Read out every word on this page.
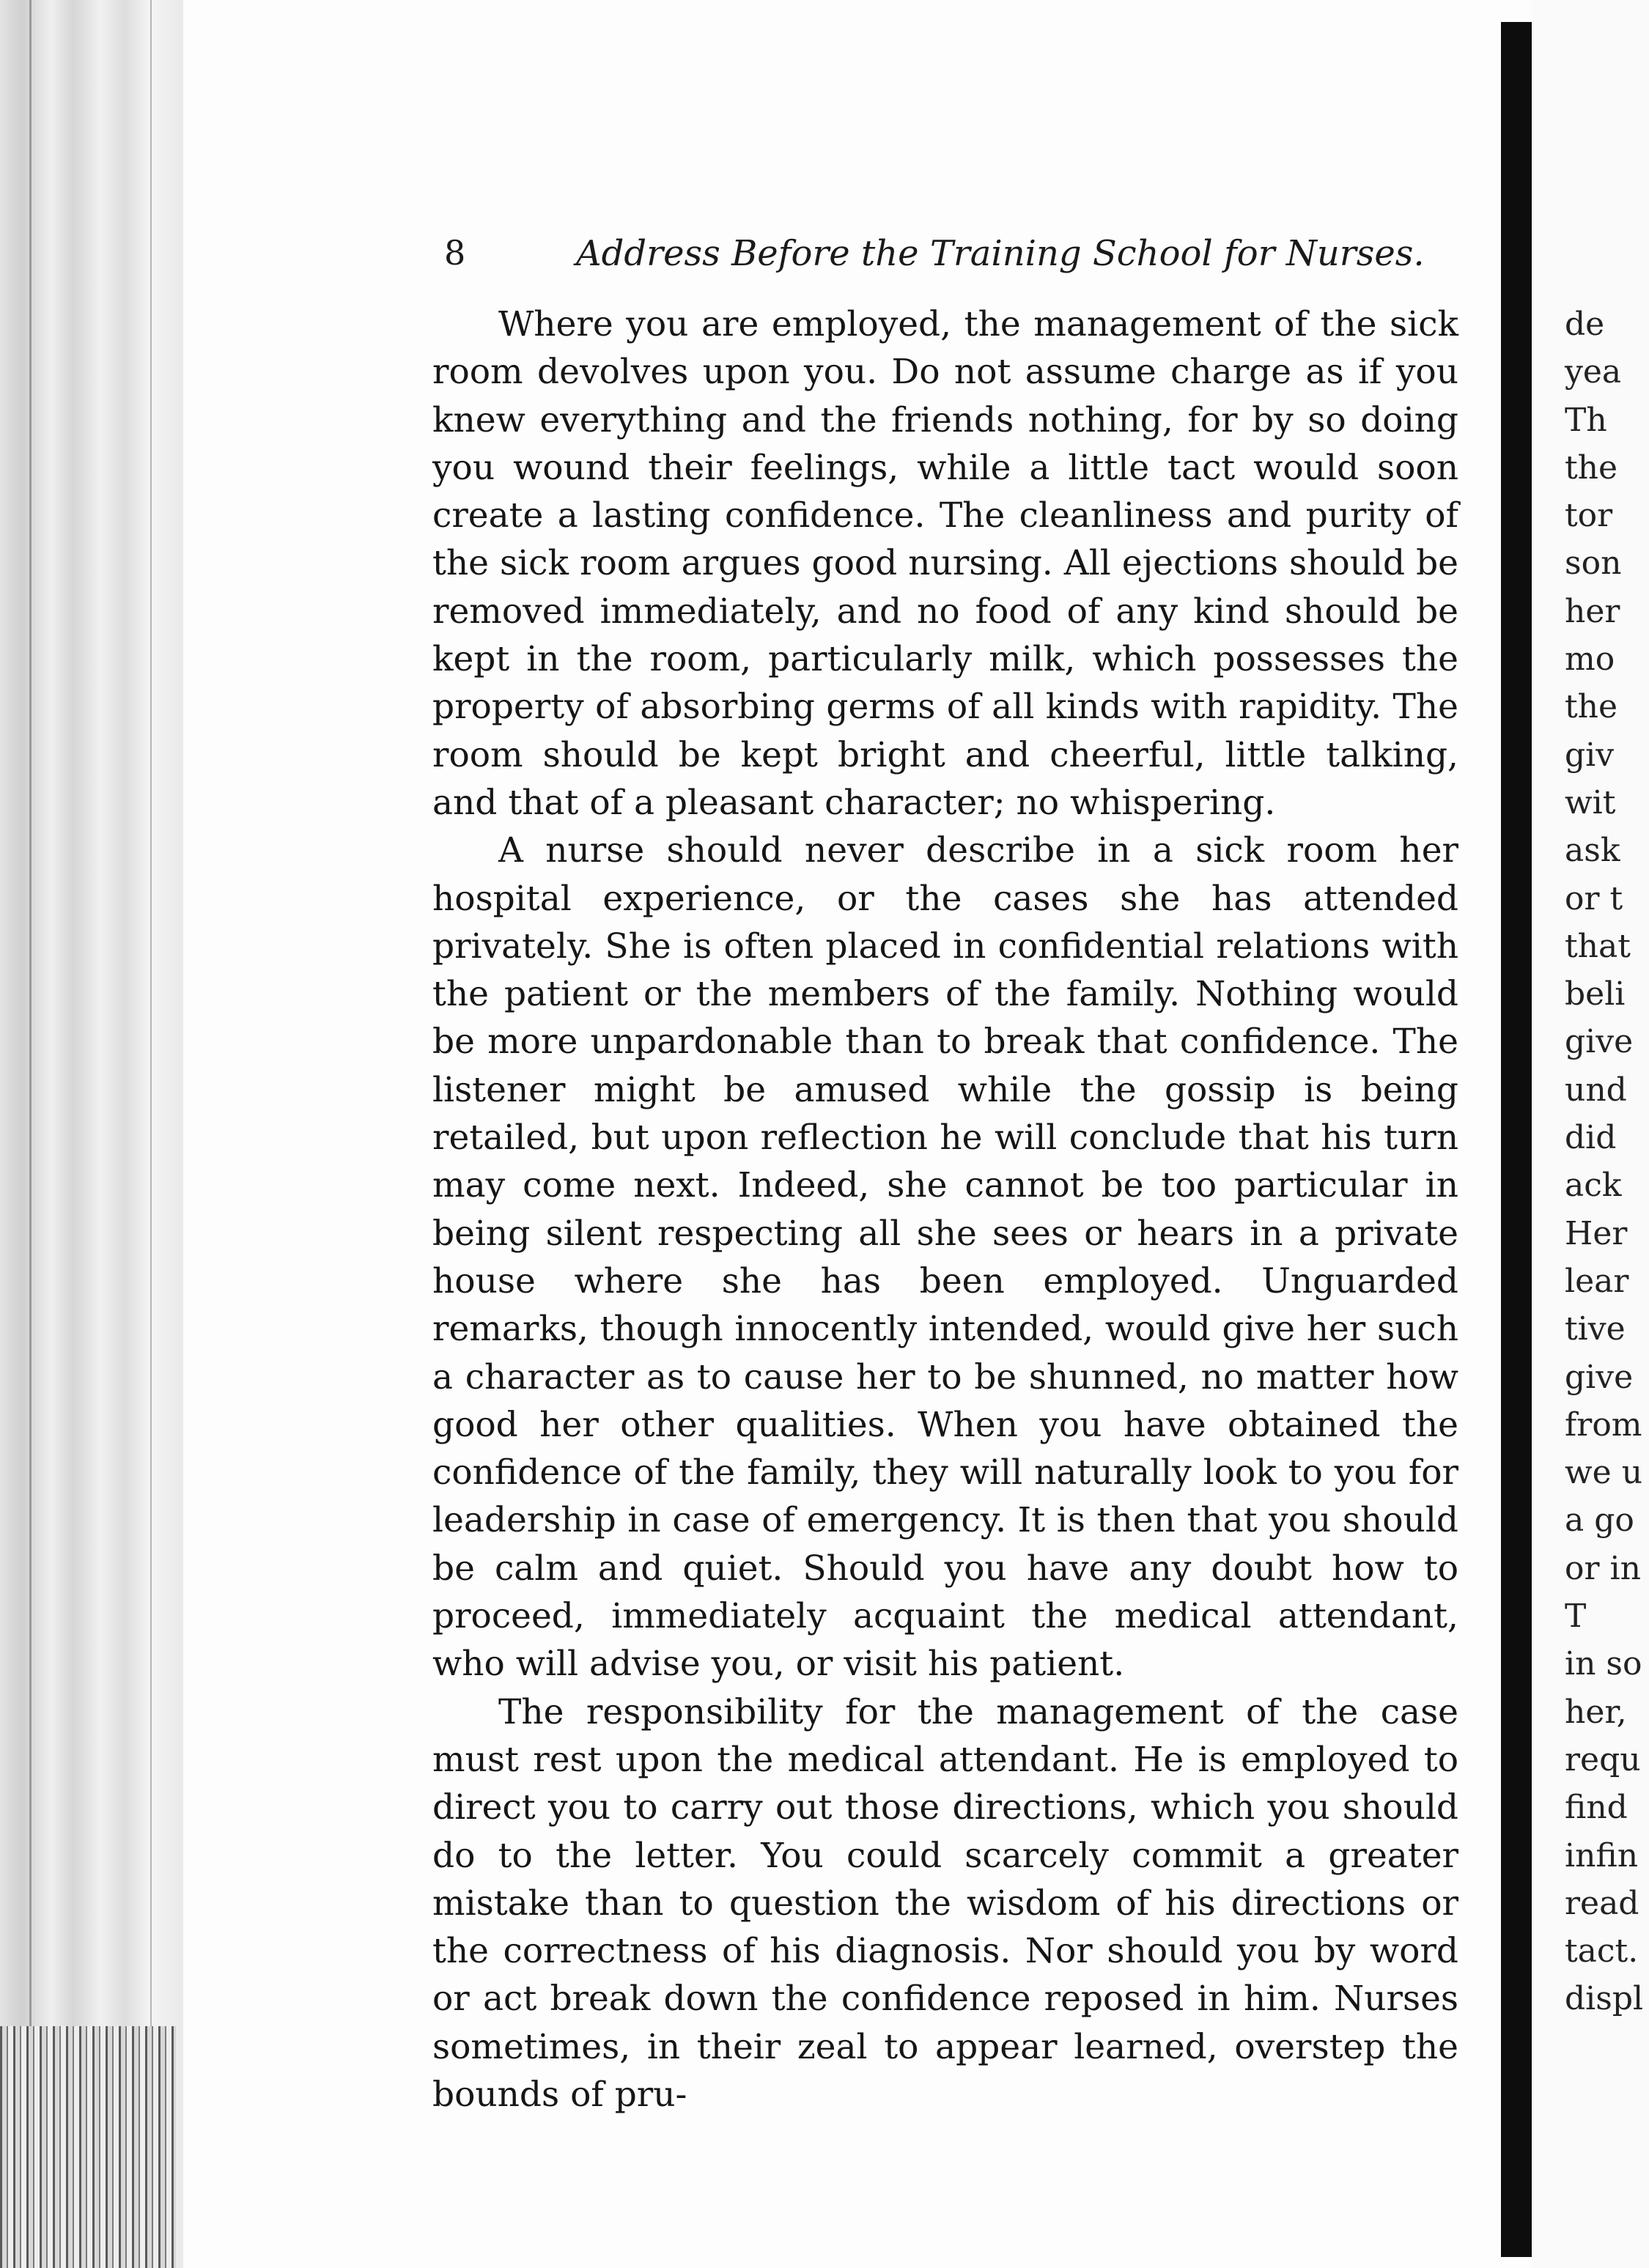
8	Address Before the Training School for Nurses.

Where you are employed, the management of the sick room devolves upon you. Do not assume charge as if you knew everything and the friends nothing, for by so doing you wound their feelings, while a little tact would soon create a lasting confidence. The cleanliness and purity of the sick room argues good nursing. All ejections should be removed immediately, and no food of any kind should be kept in the room, particularly milk, which possesses the property of absorbing germs of all kinds with rapidity. The room should be kept bright and cheerful, little talking, and that of a pleasant character; no whispering.

A nurse should never describe in a sick room her hospital experience, or the cases she has attended privately. She is often placed in confidential relations with the patient or the members of the family. Nothing would be more unpardonable than to break that confidence. The listener might be amused while the gossip is being retailed, but upon reflection he will conclude that his turn may come next. Indeed, she cannot be too particular in being silent respecting all she sees or hears in a private house where she has been employed. Unguarded remarks, though innocently intended, would give her such a character as to cause her to be shunned, no matter how good her other qualities. When you have obtained the confidence of the family, they will naturally look to you for leadership in case of emergency. It is then that you should be calm and quiet. Should you have any doubt how to proceed, immediately acquaint the medical attendant, who will advise you, or visit his patient.

The responsibility for the management of the case must rest upon the medical attendant. He is employed to direct you to carry out those directions, which you should do to the letter. You could scarcely commit a greater mistake than to question the wisdom of his directions or the correctness of his diagnosis. Nor should you by word or act break down the confidence reposed in him. Nurses sometimes, in their zeal to appear learned, overstep the bounds of pru-

de
yea
Th
the
tor
son
her
mo
the
giv
wit
ask
or t
that
beli
give
und
did
ack
Her
lear
tive
give
from
we u
a go
or in
T
in so
her,
requ
find
infin
read
tact.
displ
